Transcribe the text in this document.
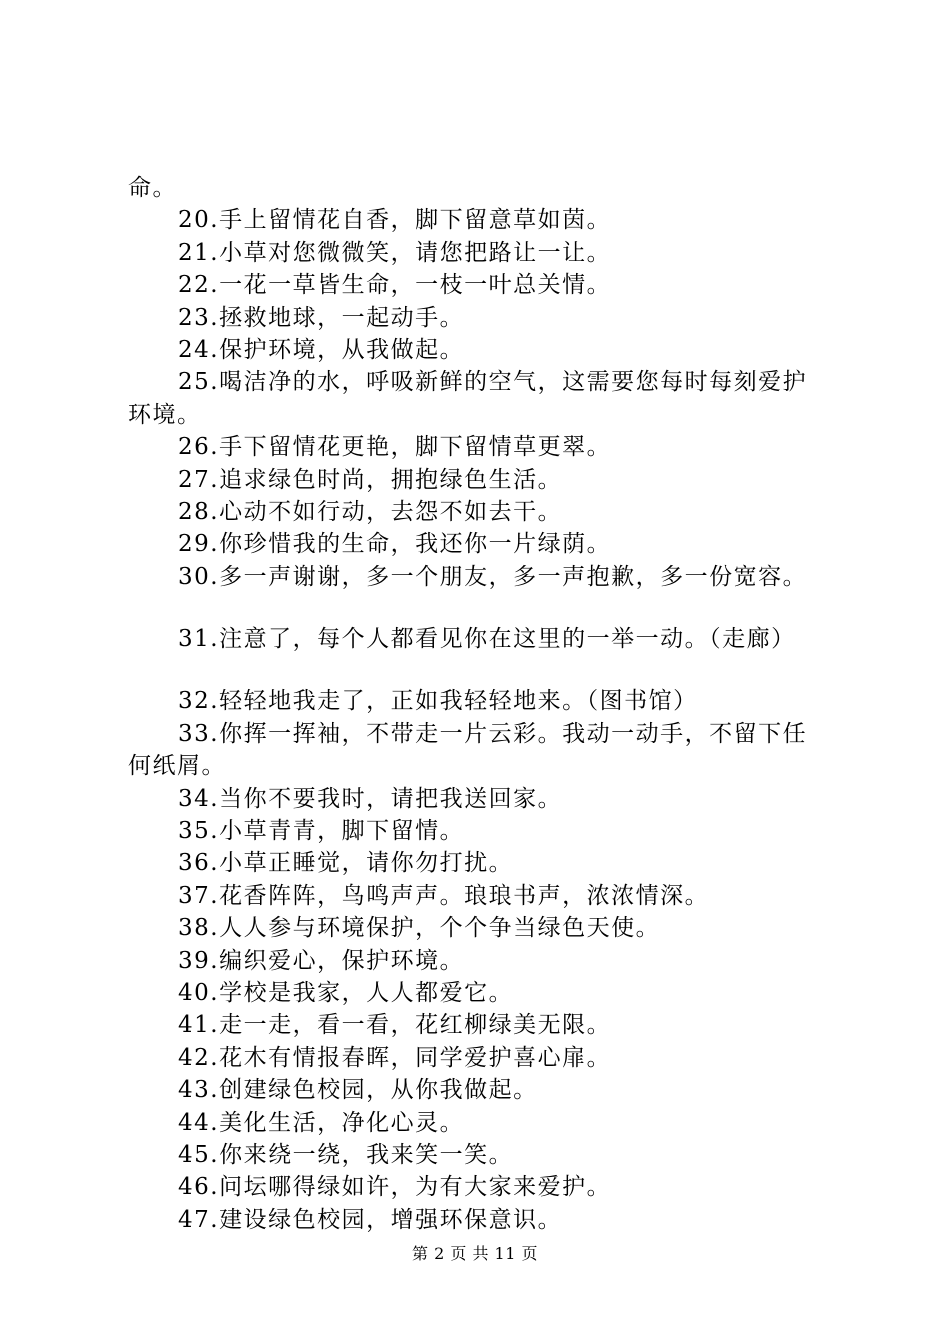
命。
20.手上留情花自香，脚下留意草如茵。
21.小草对您微微笑，请您把路让一让。
22.一花一草皆生命，一枝一叶总关情。
23.拯救地球，一起动手。
24.保护环境，从我做起。
25.喝洁净的水，呼吸新鲜的空气，这需要您每时每刻爱护
环境。
26.手下留情花更艳，脚下留情草更翠。
27.追求绿色时尚，拥抱绿色生活。
28.心动不如行动，去怨不如去干。
29.你珍惜我的生命，我还你一片绿荫。
30.多一声谢谢，多一个朋友，多一声抱歉，多一份宽容。
31.注意了，每个人都看见你在这里的一举一动。（走廊）
32.轻轻地我走了，正如我轻轻地来。（图书馆）
33.你挥一挥袖，不带走一片云彩。我动一动手，不留下任
何纸屑。
34.当你不要我时，请把我送回家。
35.小草青青，脚下留情。
36.小草正睡觉，请你勿打扰。
37.花香阵阵，鸟鸣声声。琅琅书声，浓浓情深。
38.人人参与环境保护，个个争当绿色天使。
39.编织爱心，保护环境。
40.学校是我家，人人都爱它。
41.走一走，看一看，花红柳绿美无限。
42.花木有情报春晖，同学爱护喜心扉。
43.创建绿色校园，从你我做起。
44.美化生活，净化心灵。
45.你来绕一绕，我来笑一笑。
46.问坛哪得绿如许，为有大家来爱护。
47.建设绿色校园，增强环保意识。
第 2 页 共 11 页
